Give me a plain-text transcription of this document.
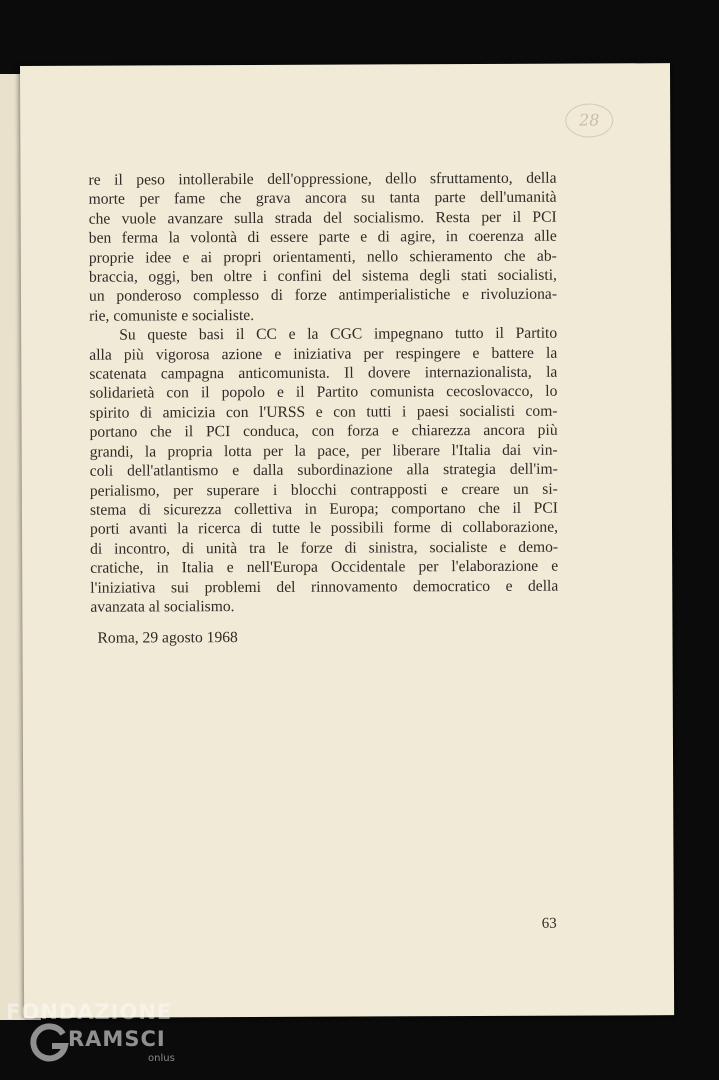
28
re il peso intollerabile dell'oppressione, dello sfruttamento, della
morte per fame che grava ancora su tanta parte dell'umanità
che vuole avanzare sulla strada del socialismo. Resta per il PCI
ben ferma la volontà di essere parte e di agire, in coerenza alle
proprie idee e ai propri orientamenti, nello schieramento che ab-
braccia, oggi, ben oltre i confini del sistema degli stati socialisti,
un ponderoso complesso di forze antimperialistiche e rivoluziona-
rie, comuniste e socialiste.
Su queste basi il CC e la CGC impegnano tutto il Partito
alla più vigorosa azione e iniziativa per respingere e battere la
scatenata campagna anticomunista. Il dovere internazionalista, la
solidarietà con il popolo e il Partito comunista cecoslovacco, lo
spirito di amicizia con l'URSS e con tutti i paesi socialisti com-
portano che il PCI conduca, con forza e chiarezza ancora più
grandi, la propria lotta per la pace, per liberare l'Italia dai vin-
coli dell'atlantismo e dalla subordinazione alla strategia dell'im-
perialismo, per superare i blocchi contrapposti e creare un si-
stema di sicurezza collettiva in Europa; comportano che il PCI
porti avanti la ricerca di tutte le possibili forme di collaborazione,
di incontro, di unità tra le forze di sinistra, socialiste e demo-
cratiche, in Italia e nell'Europa Occidentale per l'elaborazione e
l'iniziativa sui problemi del rinnovamento democratico e della
avanzata al socialismo.
Roma, 29 agosto 1968
63
FONDAZIONE
RAMSCI
onlus
